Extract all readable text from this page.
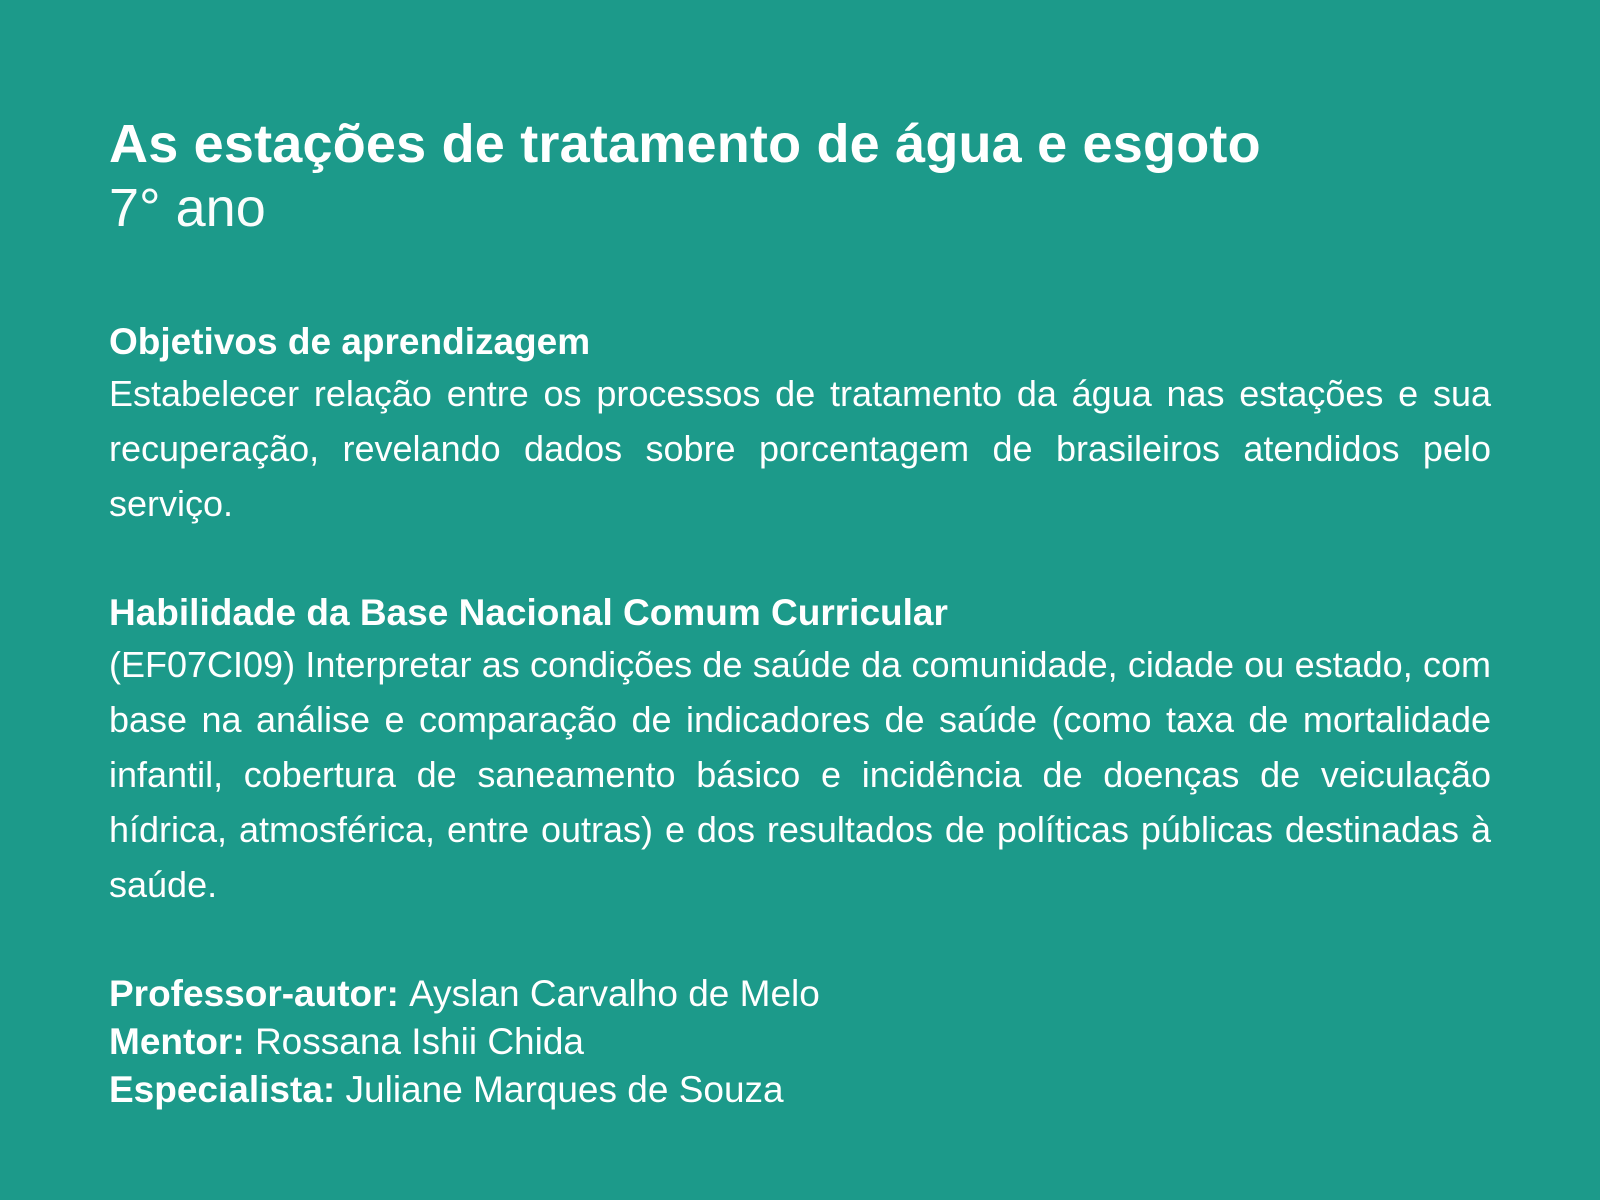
As estações de tratamento de água e esgoto

7° ano

Objetivos de aprendizagem

Estabelecer relação entre os processos de tratamento da água nas estações e sua recuperação, revelando dados sobre porcentagem de brasileiros atendidos pelo serviço.

Habilidade da Base Nacional Comum Curricular

(EF07CI09) Interpretar as condições de saúde da comunidade, cidade ou estado, com base na análise e comparação de indicadores de saúde (como taxa de mortalidade infantil, cobertura de saneamento básico e incidência de doenças de veiculação hídrica, atmosférica, entre outras) e dos resultados de políticas públicas destinadas à saúde.

Professor-autor: Ayslan Carvalho de Melo

Mentor: Rossana Ishii Chida

Especialista: Juliane Marques de Souza
